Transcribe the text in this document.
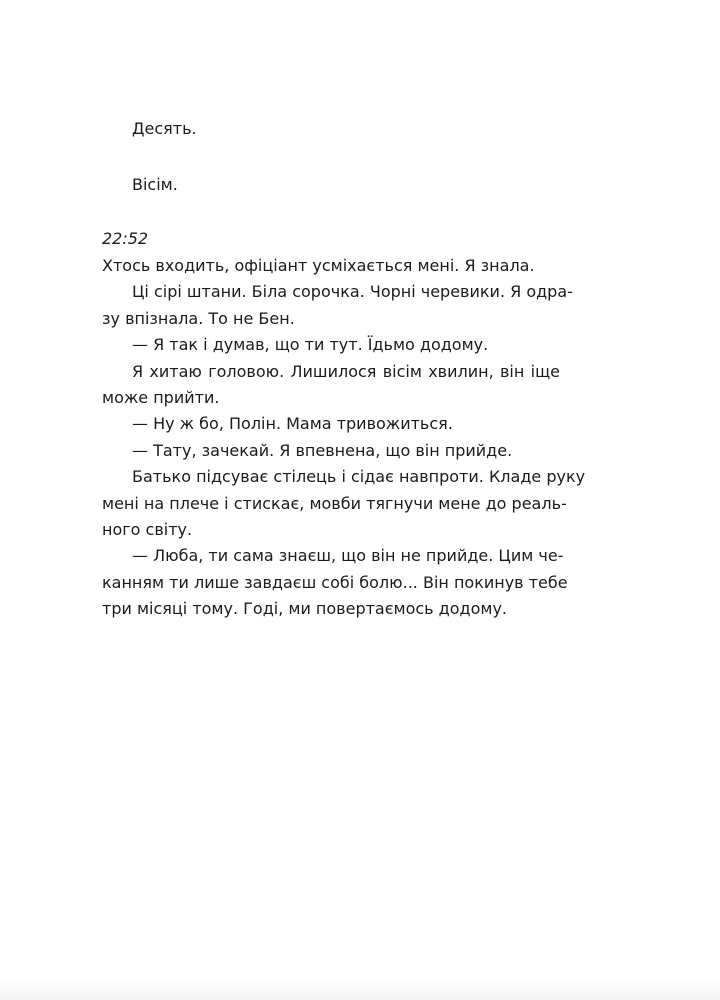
Десять.
Вісім.
22:52
Хтось входить, офіціант усміхається мені. Я знала.
Ці сірі штани. Біла сорочка. Чорні черевики. Я одра-
зу впізнала. То не Бен.
— Я так і думав, що ти тут. Їдьмо додому.
Я хитаю головою. Лишилося вісім хвилин, він іще
може прийти.
— Ну ж бо, Полін. Мама тривожиться.
— Тату, зачекай. Я впевнена, що він прийде.
Батько підсуває стілець і сідає навпроти. Кладе руку
мені на плече і стискає, мовби тягнучи мене до реаль-
ного світу.
— Люба, ти сама знаєш, що він не прийде. Цим че-
канням ти лише завдаєш собі болю... Він покинув тебе
три місяці тому. Годі, ми повертаємось додому.
